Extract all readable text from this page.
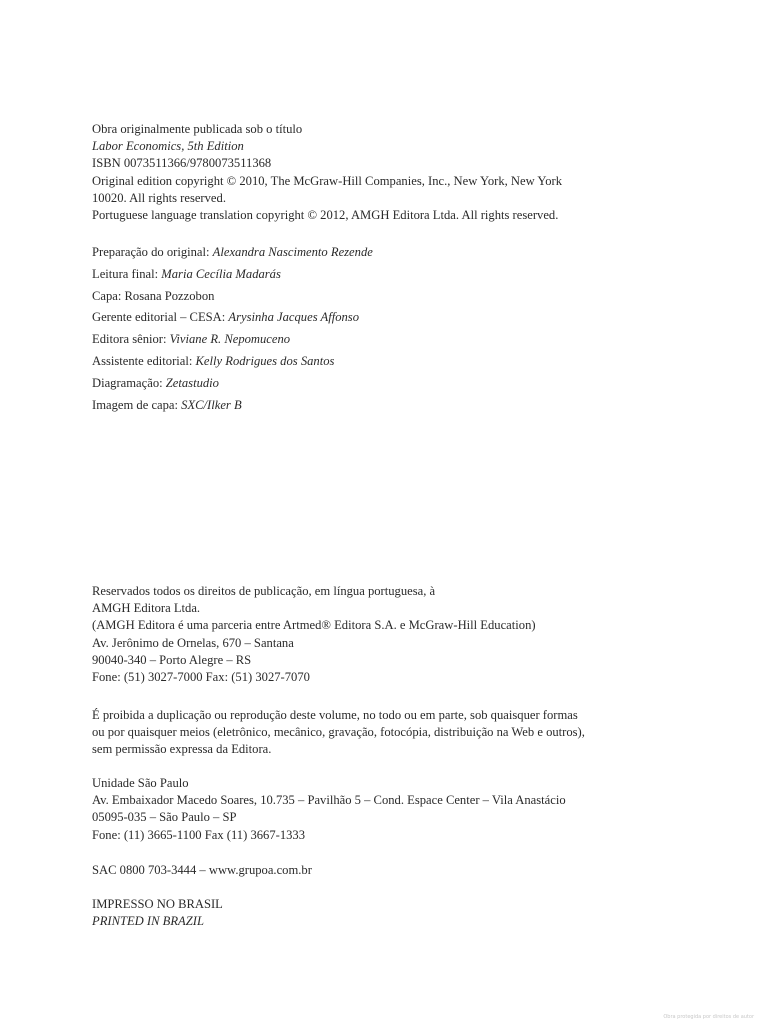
Obra originalmente publicada sob o título
Labor Economics, 5th Edition
ISBN 0073511366/9780073511368
Original edition copyright © 2010, The McGraw-Hill Companies, Inc., New York, New York
10020. All rights reserved.
Portuguese language translation copyright © 2012, AMGH Editora Ltda. All rights reserved.
Preparação do original: Alexandra Nascimento Rezende
Leitura final: Maria Cecília Madarás
Capa: Rosana Pozzobon
Gerente editorial – CESA: Arysinha Jacques Affonso
Editora sênior: Viviane R. Nepomuceno
Assistente editorial: Kelly Rodrigues dos Santos
Diagramação: Zetastudio
Imagem de capa: SXC/Ilker B
Reservados todos os direitos de publicação, em língua portuguesa, à
AMGH Editora Ltda.
(AMGH Editora é uma parceria entre Artmed® Editora S.A. e McGraw-Hill Education)
Av. Jerônimo de Ornelas, 670 – Santana
90040-340 – Porto Alegre – RS
Fone: (51) 3027-7000 Fax: (51) 3027-7070
É proibida a duplicação ou reprodução deste volume, no todo ou em parte, sob quaisquer formas
ou por quaisquer meios (eletrônico, mecânico, gravação, fotocópia, distribuição na Web e outros),
sem permissão expressa da Editora.
Unidade São Paulo
Av. Embaixador Macedo Soares, 10.735 – Pavilhão 5 – Cond. Espace Center – Vila Anastácio
05095-035 – São Paulo – SP
Fone: (11) 3665-1100 Fax (11) 3667-1333
SAC 0800 703-3444 – www.grupoa.com.br
IMPRESSO NO BRASIL
PRINTED IN BRAZIL
Obra protegida por direitos de autor
